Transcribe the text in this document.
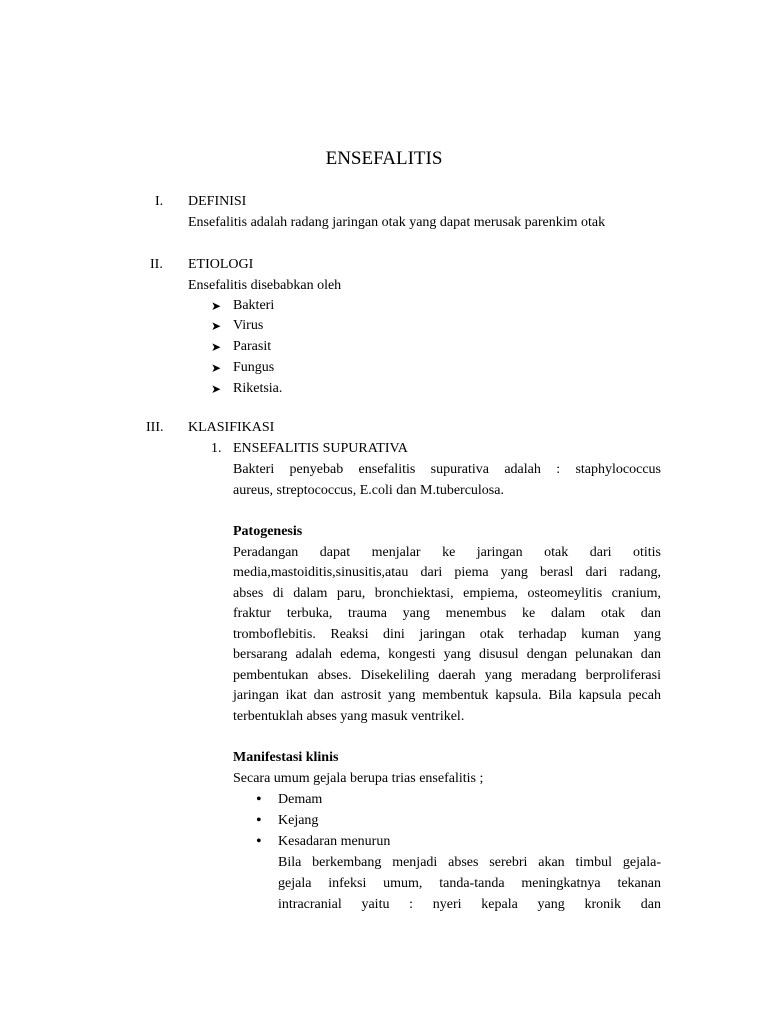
ENSEFALITIS
I. DEFINISI
Ensefalitis adalah radang jaringan otak yang dapat merusak parenkim otak
II. ETIOLOGI
Ensefalitis disebabkan oleh
➤ Bakteri
➤ Virus
➤ Parasit
➤ Fungus
➤ Riketsia.
III. KLASIFIKASI
1. ENSEFALITIS SUPURATIVA
Bakteri penyebab ensefalitis supurativa adalah : staphylococcus
aureus, streptococcus, E.coli dan M.tuberculosa.
Patogenesis
Peradangan dapat menjalar ke jaringan otak dari otitis
media,mastoiditis,sinusitis,atau dari piema yang berasl dari radang,
abses di dalam paru, bronchiektasi, empiema, osteomeylitis cranium,
fraktur terbuka, trauma yang menembus ke dalam otak dan
tromboflebitis. Reaksi dini jaringan otak terhadap kuman yang
bersarang adalah edema, kongesti yang disusul dengan pelunakan dan
pembentukan abses. Disekeliling daerah yang meradang berproliferasi
jaringan ikat dan astrosit yang membentuk kapsula. Bila kapsula pecah
terbentuklah abses yang masuk ventrikel.
Manifestasi klinis
Secara umum gejala berupa trias ensefalitis ;
• Demam
• Kejang
• Kesadaran menurun
Bila berkembang menjadi abses serebri akan timbul gejala-
gejala infeksi umum, tanda-tanda meningkatnya tekanan
intracranial yaitu : nyeri kepala yang kronik dan
